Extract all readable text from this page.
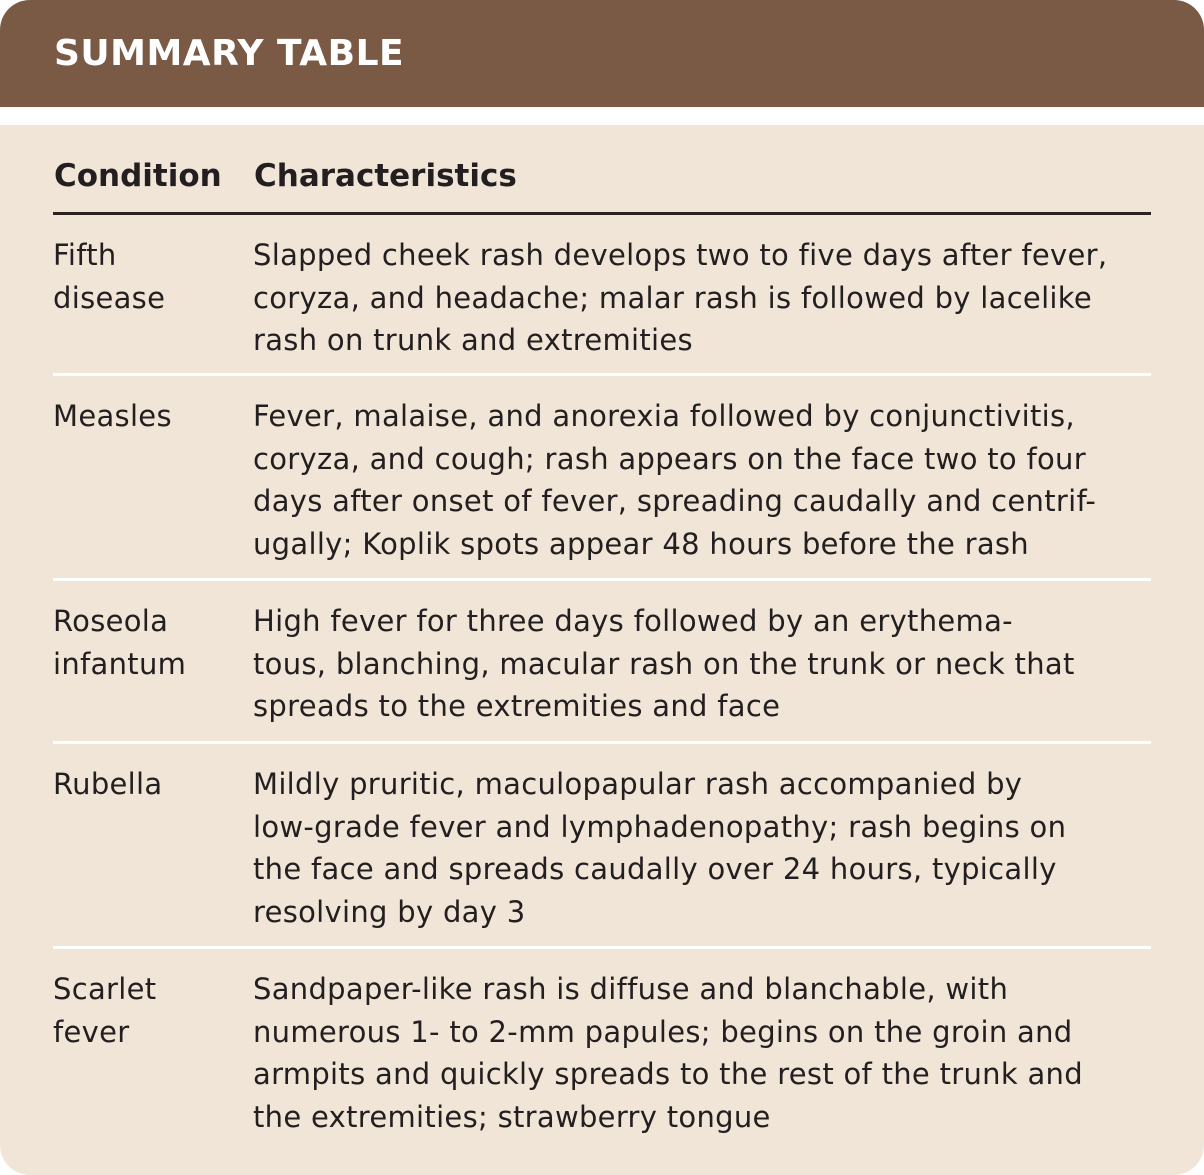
SUMMARY TABLE
Condition Characteristics
Fifth
disease
Slapped cheek rash develops two to five days after fever,
coryza, and headache; malar rash is followed by lacelike
rash on trunk and extremities
Measles	Fever, malaise, and anorexia followed by conjunctivitis,
coryza, and cough; rash appears on the face two to four
days after onset of fever, spreading caudally and centrif-
ugally; Koplik spots appear 48 hours before the rash
Roseola
infantum
High fever for three days followed by an erythema-
tous, blanching, macular rash on the trunk or neck that
spreads to the extremities and face
Rubella	Mildly pruritic, maculopapular rash accompanied by
low-grade fever and lymphadenopathy; rash begins on
the face and spreads caudally over 24 hours, typically
resolving by day 3
Scarlet
fever
Sandpaper-like rash is diffuse and blanchable, with
numerous 1- to 2-mm papules; begins on the groin and
armpits and quickly spreads to the rest of the trunk and
the extremities; strawberry tongue
